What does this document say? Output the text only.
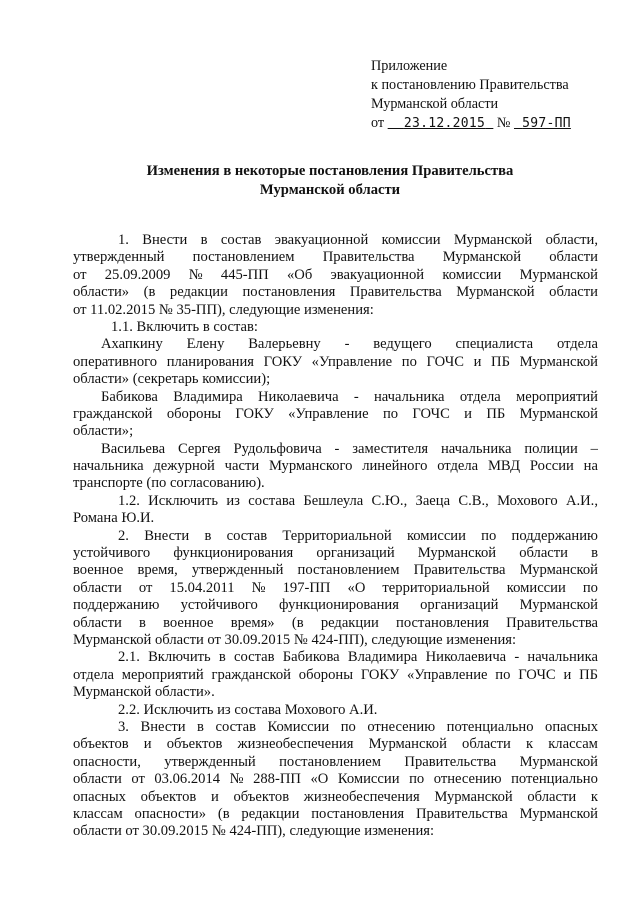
Приложение
к постановлению Правительства
Мурманской области
от 23.12.2015 № 597-ПП
Изменения в некоторые постановления Правительства
Мурманской области
1. Внести в состав эвакуационной комиссии Мурманской области,
утвержденный постановлением Правительства Мурманской области
от 25.09.2009 № 445-ПП «Об эвакуационной комиссии Мурманской
области» (в редакции постановления Правительства Мурманской области
от 11.02.2015 № 35-ПП), следующие изменения:
1.1. Включить в состав:
Ахапкину Елену Валерьевну - ведущего специалиста отдела
оперативного планирования ГОКУ «Управление по ГОЧС и ПБ Мурманской
области» (секретарь комиссии);
Бабикова Владимира Николаевича - начальника отдела мероприятий
гражданской обороны ГОКУ «Управление по ГОЧС и ПБ Мурманской
области»;
Васильева Сергея Рудольфовича - заместителя начальника полиции –
начальника дежурной части Мурманского линейного отдела МВД России на
транспорте (по согласованию).
1.2. Исключить из состава Бешлеула С.Ю., Заеца С.В., Мохового А.И.,
Романа Ю.И.
2. Внести в состав Территориальной комиссии по поддержанию
устойчивого функционирования организаций Мурманской области в
военное время, утвержденный постановлением Правительства Мурманской
области от 15.04.2011 № 197-ПП «О территориальной комиссии по
поддержанию устойчивого функционирования организаций Мурманской
области в военное время» (в редакции постановления Правительства
Мурманской области от 30.09.2015 № 424-ПП), следующие изменения:
2.1. Включить в состав Бабикова Владимира Николаевича - начальника
отдела мероприятий гражданской обороны ГОКУ «Управление по ГОЧС и ПБ
Мурманской области».
2.2. Исключить из состава Мохового А.И.
3. Внести в состав Комиссии по отнесению потенциально опасных
объектов и объектов жизнеобеспечения Мурманской области к классам
опасности, утвержденный постановлением Правительства Мурманской
области от 03.06.2014 № 288-ПП «О Комиссии по отнесению потенциально
опасных объектов и объектов жизнеобеспечения Мурманской области к
классам опасности» (в редакции постановления Правительства Мурманской
области от 30.09.2015 № 424-ПП), следующие изменения:
